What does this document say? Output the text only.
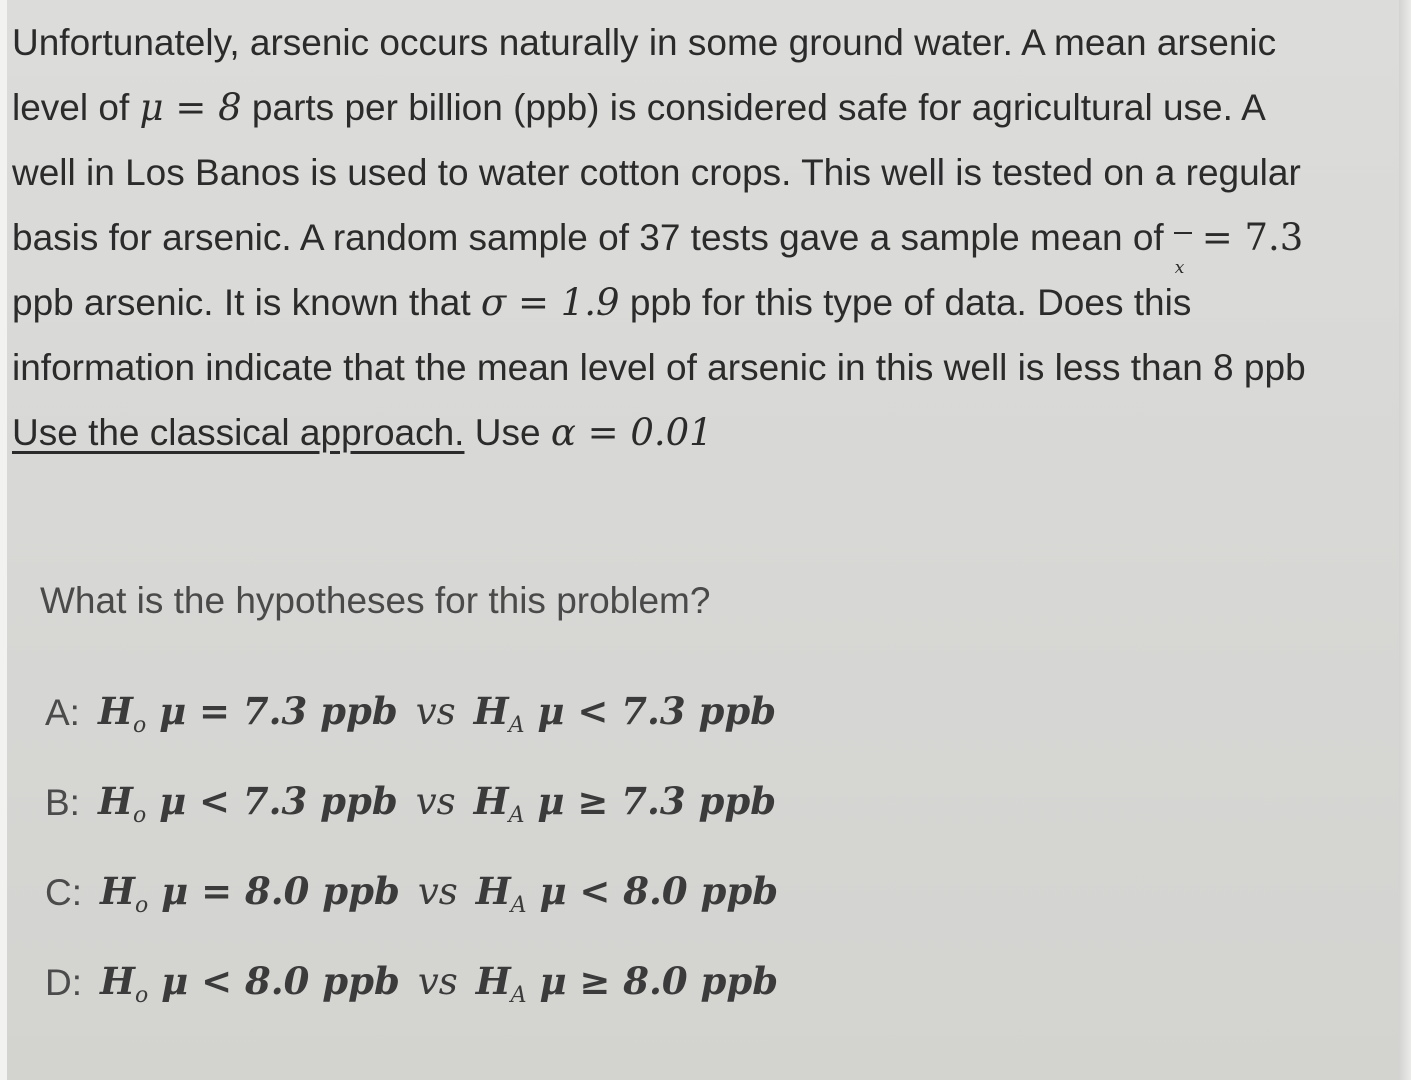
Unfortunately, arsenic occurs naturally in some ground water. A mean arsenic
level of μ = 8 parts per billion (ppb) is considered safe for agricultural use. A
well in Los Banos is used to water cotton crops. This well is tested on a regular
basis for arsenic. A random sample of 37 tests gave a sample mean of
x
= 7.3
ppb arsenic. It is known that σ = 1.9 ppb for this type of data. Does this
information indicate that the mean level of arsenic in this well is less than 8 ppb
Use the classical approach. Use α = 0.01
What is the hypotheses for this problem?
A: $H_o$ μ = 7.3 ppb vs $H_A$ μ < 7.3 ppb
B: $H_o$ μ < 7.3 ppb vs $H_A$ μ ≥ 7.3 ppb
C: $H_o$ μ = 8.0 ppb vs $H_A$ μ < 8.0 ppb
D: $H_o$ μ < 8.0 ppb vs $H_A$ μ ≥ 8.0 ppb
